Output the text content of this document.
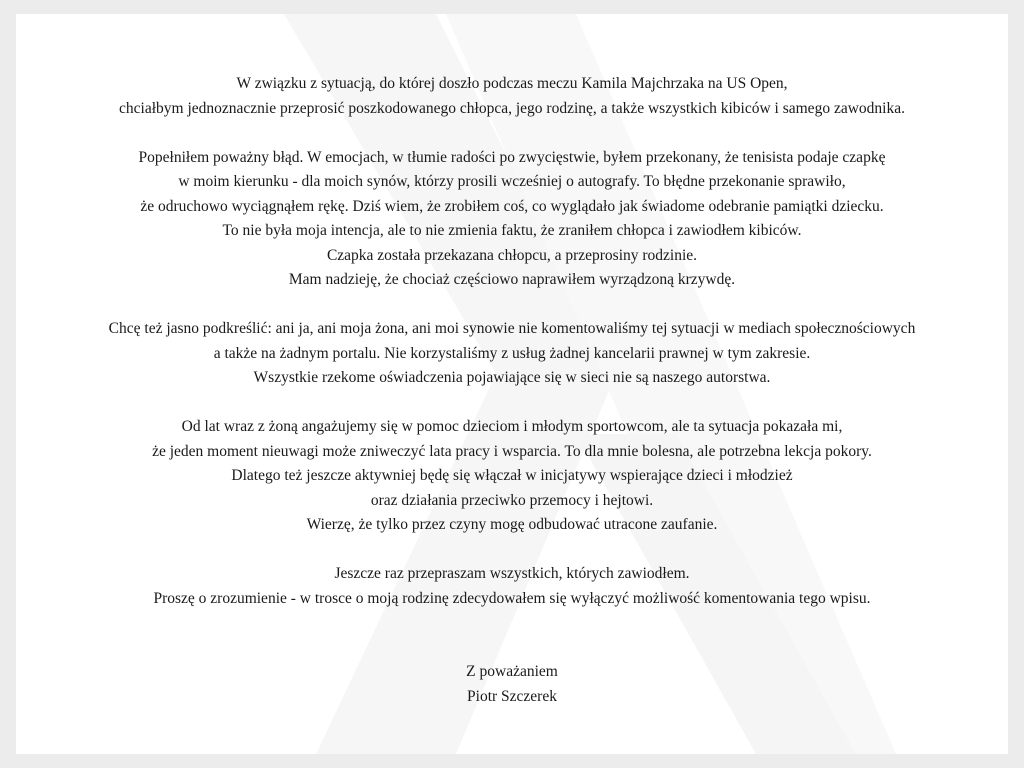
W związku z sytuacją, do której doszło podczas meczu Kamila Majchrzaka na US Open,
chciałbym jednoznacznie przeprosić poszkodowanego chłopca, jego rodzinę, a także wszystkich kibiców i samego zawodnika.

Popełniłem poważny błąd. W emocjach, w tłumie radości po zwycięstwie, byłem przekonany, że tenisista podaje czapkę
w moim kierunku - dla moich synów, którzy prosili wcześniej o autografy. To błędne przekonanie sprawiło,
że odruchowo wyciągnąłem rękę. Dziś wiem, że zrobiłem coś, co wyglądało jak świadome odebranie pamiątki dziecku.
To nie była moja intencja, ale to nie zmienia faktu, że zraniłem chłopca i zawiodłem kibiców.
Czapka została przekazana chłopcu, a przeprosiny rodzinie.
Mam nadzieję, że chociaż częściowo naprawiłem wyrządzoną krzywdę.

Chcę też jasno podkreślić: ani ja, ani moja żona, ani moi synowie nie komentowaliśmy tej sytuacji w mediach społecznościowych
a także na żadnym portalu. Nie korzystaliśmy z usług żadnej kancelarii prawnej w tym zakresie.
Wszystkie rzekome oświadczenia pojawiające się w sieci nie są naszego autorstwa.

Od lat wraz z żoną angażujemy się w pomoc dzieciom i młodym sportowcom, ale ta sytuacja pokazała mi,
że jeden moment nieuwagi może zniweczyć lata pracy i wsparcia. To dla mnie bolesna, ale potrzebna lekcja pokory.
Dlatego też jeszcze aktywniej będę się włączał w inicjatywy wspierające dzieci i młodzież
oraz działania przeciwko przemocy i hejtowi.
Wierzę, że tylko przez czyny mogę odbudować utracone zaufanie.

Jeszcze raz przepraszam wszystkich, których zawiodłem.
Proszę o zrozumienie - w trosce o moją rodzinę zdecydowałem się wyłączyć możliwość komentowania tego wpisu.

Z poważaniem
Piotr Szczerek
